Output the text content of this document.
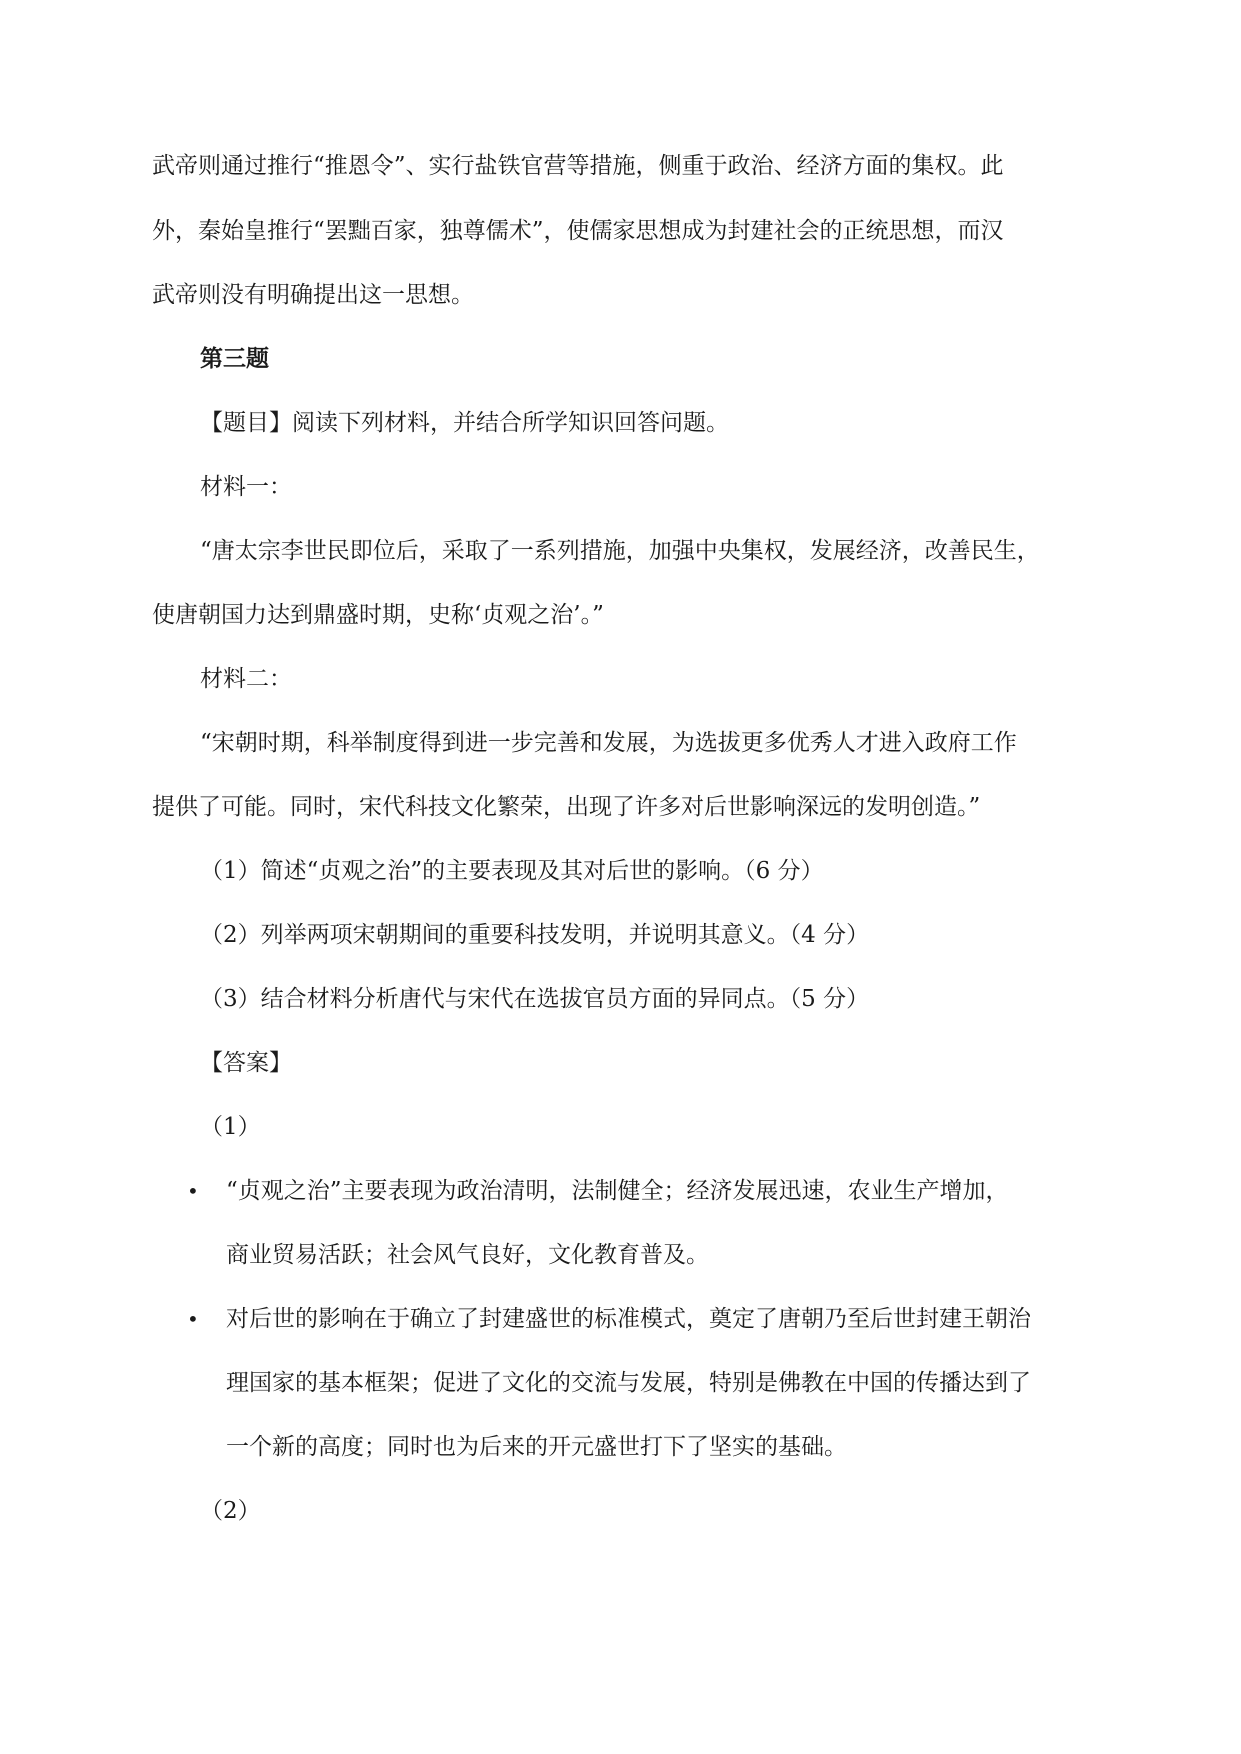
武帝则通过推行“推恩令”、实行盐铁官营等措施，侧重于政治、经济方面的集权。此

外，秦始皇推行“罢黜百家，独尊儒术”，使儒家思想成为封建社会的正统思想，而汉

武帝则没有明确提出这一思想。

第三题

【题目】阅读下列材料，并结合所学知识回答问题。

材料一：

“唐太宗李世民即位后，采取了一系列措施，加强中央集权，发展经济，改善民生，

使唐朝国力达到鼎盛时期，史称‘贞观之治’。”

材料二：

“宋朝时期，科举制度得到进一步完善和发展，为选拔更多优秀人才进入政府工作

提供了可能。同时，宋代科技文化繁荣，出现了许多对后世影响深远的发明创造。”

（1）简述“贞观之治”的主要表现及其对后世的影响。（6 分）

（2）列举两项宋朝期间的重要科技发明，并说明其意义。（4 分）

（3）结合材料分析唐代与宋代在选拔官员方面的异同点。（5 分）

【答案】

（1）

• “贞观之治”主要表现为政治清明，法制健全；经济发展迅速，农业生产增加，

商业贸易活跃；社会风气良好，文化教育普及。

• 对后世的影响在于确立了封建盛世的标准模式，奠定了唐朝乃至后世封建王朝治

理国家的基本框架；促进了文化的交流与发展，特别是佛教在中国的传播达到了

一个新的高度；同时也为后来的开元盛世打下了坚实的基础。

（2）
